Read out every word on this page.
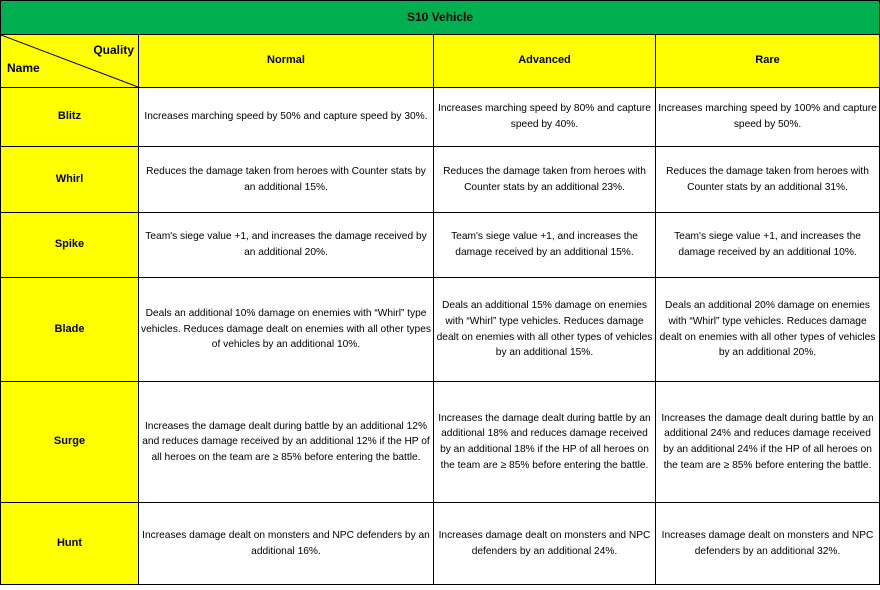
S10 Vehicle			

Quality
Name	Normal	Advanced	Rare
Blitz	Increases marching speed by 50% and capture speed by 30%.	Increases marching speed by 80% and capture speed by 40%.	Increases marching speed by 100% and capture speed by 50%.
Whirl	Reduces the damage taken from heroes with Counter stats by an additional 15%.	Reduces the damage taken from heroes with Counter stats by an additional 23%.	Reduces the damage taken from heroes with Counter stats by an additional 31%.
Spike	Team's siege value +1, and increases the damage received by an additional 20%.	Team's siege value +1, and increases the damage received by an additional 15%.	Team's siege value +1, and increases the damage received by an additional 10%.
Blade	Deals an additional 10% damage on enemies with “Whirl” type vehicles. Reduces damage dealt on enemies with all other types of vehicles by an additional 10%.	Deals an additional 15% damage on enemies with “Whirl” type vehicles. Reduces damage dealt on enemies with all other types of vehicles by an additional 15%.	Deals an additional 20% damage on enemies with “Whirl” type vehicles. Reduces damage dealt on enemies with all other types of vehicles by an additional 20%.
Surge	Increases the damage dealt during battle by an additional 12% and reduces damage received by an additional 12% if the HP of all heroes on the team are ≥ 85% before entering the battle.	Increases the damage dealt during battle by an additional 18% and reduces damage received by an additional 18% if the HP of all heroes on the team are ≥ 85% before entering the battle.	Increases the damage dealt during battle by an additional 24% and reduces damage received by an additional 24% if the HP of all heroes on the team are ≥ 85% before entering the battle.
Hunt	Increases damage dealt on monsters and NPC defenders by an additional 16%.	Increases damage dealt on monsters and NPC defenders by an additional 24%.	Increases damage dealt on monsters and NPC defenders by an additional 32%.
